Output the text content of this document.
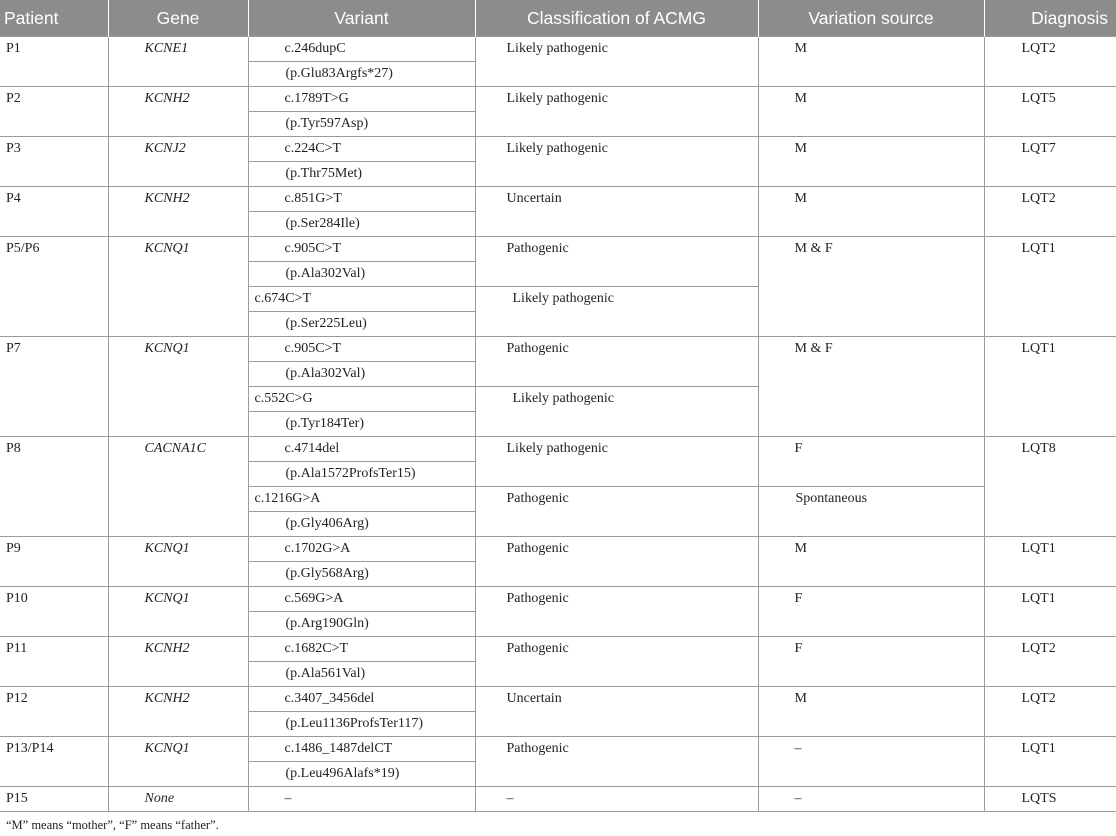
Patient	Gene	Variant	Classification of ACMG	Variation source	Diagnosis
P1	KCNE1	c.246dupC	Likely pathogenic	M	LQT2
		(p.Glu83Argfs*27)			
P2	KCNH2	c.1789T>G	Likely pathogenic	M	LQT5
		(p.Tyr597Asp)			
P3	KCNJ2	c.224C>T	Likely pathogenic	M	LQT7
		(p.Thr75Met)			
P4	KCNH2	c.851G>T	Uncertain	M	LQT2
		(p.Ser284Ile)			
P5/P6	KCNQ1	c.905C>T	Pathogenic	M & F	LQT1
		(p.Ala302Val)			
		c.674C>T	Likely pathogenic		
		(p.Ser225Leu)			
P7	KCNQ1	c.905C>T	Pathogenic	M & F	LQT1
		(p.Ala302Val)			
		c.552C>G	Likely pathogenic		
		(p.Tyr184Ter)			
P8	CACNA1C	c.4714del	Likely pathogenic	F	LQT8
		(p.Ala1572ProfsTer15)			
		c.1216G>A	Pathogenic	Spontaneous	
		(p.Gly406Arg)			
P9	KCNQ1	c.1702G>A	Pathogenic	M	LQT1
		(p.Gly568Arg)			
P10	KCNQ1	c.569G>A	Pathogenic	F	LQT1
		(p.Arg190Gln)			
P11	KCNH2	c.1682C>T	Pathogenic	F	LQT2
		(p.Ala561Val)			
P12	KCNH2	c.3407_3456del	Uncertain	M	LQT2
		(p.Leu1136ProfsTer117)			
P13/P14	KCNQ1	c.1486_1487delCT	Pathogenic	–	LQT1
		(p.Leu496Alafs*19)			
P15	None	–	–	–	LQTS

“M” means “mother”, “F” means “father”.
